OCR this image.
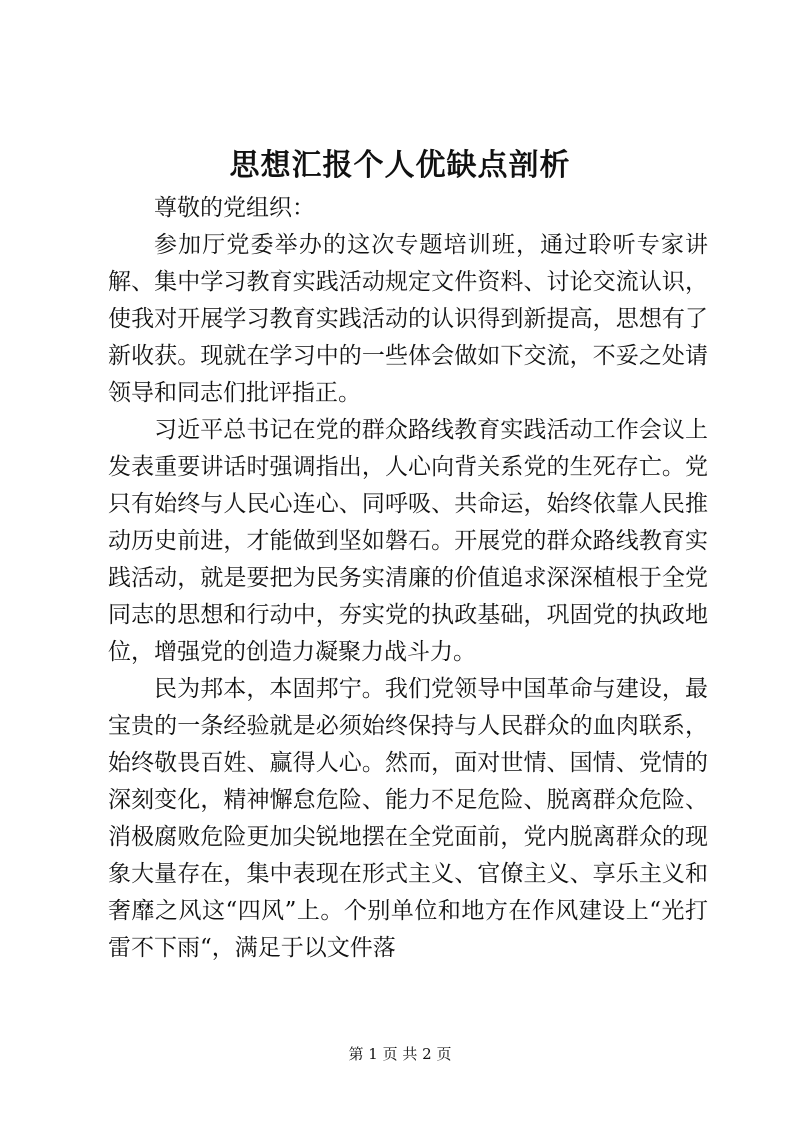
思想汇报个人优缺点剖析

尊敬的党组织：

参加厅党委举办的这次专题培训班，通过聆听专家讲解、集中学习教育实践活动规定文件资料、讨论交流认识，使我对开展学习教育实践活动的认识得到新提高，思想有了新收获。现就在学习中的一些体会做如下交流，不妥之处请领导和同志们批评指正。

习近平总书记在党的群众路线教育实践活动工作会议上发表重要讲话时强调指出，人心向背关系党的生死存亡。党只有始终与人民心连心、同呼吸、共命运，始终依靠人民推动历史前进，才能做到坚如磐石。开展党的群众路线教育实践活动，就是要把为民务实清廉的价值追求深深植根于全党同志的思想和行动中，夯实党的执政基础，巩固党的执政地位，增强党的创造力凝聚力战斗力。

民为邦本，本固邦宁。我们党领导中国革命与建设，最宝贵的一条经验就是必须始终保持与人民群众的血肉联系，始终敬畏百姓、赢得人心。然而，面对世情、国情、党情的深刻变化，精神懈怠危险、能力不足危险、脱离群众危险、消极腐败危险更加尖锐地摆在全党面前，党内脱离群众的现象大量存在，集中表现在形式主义、官僚主义、享乐主义和奢靡之风这“四风”上。个别单位和地方在作风建设上“光打雷不下雨“，满足于以文件落

第 1 页 共 2 页
